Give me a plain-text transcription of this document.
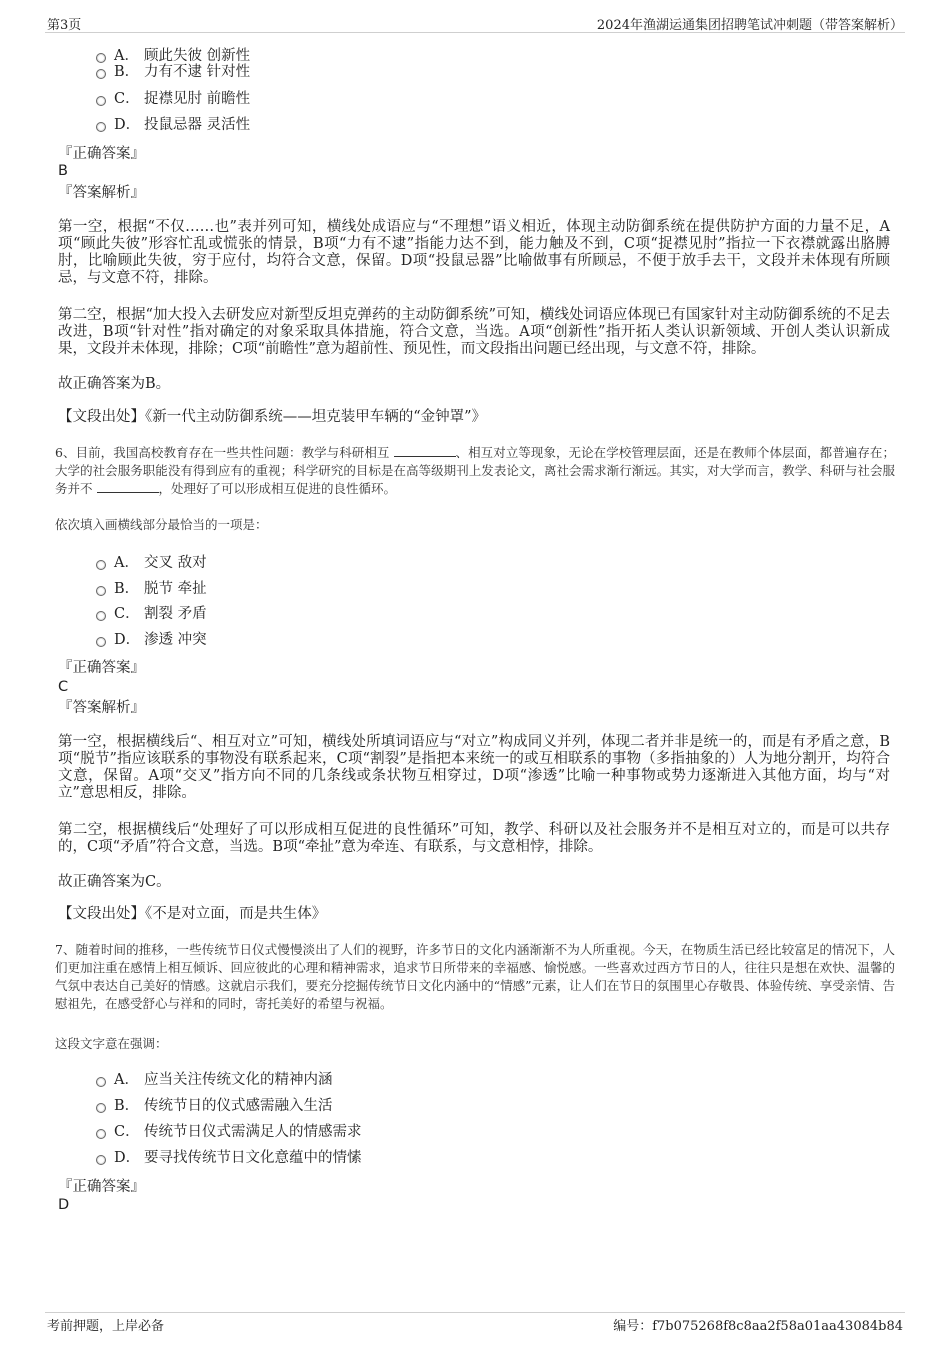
第3页	2024年渔湖运通集团招聘笔试冲刺题（带答案解析）
A． 顾此失彼 创新性
B． 力有不逮 针对性
C． 捉襟见肘 前瞻性
D． 投鼠忌器 灵活性
『正确答案』
B
『答案解析』
第一空，根据“不仅……也”表并列可知，横线处成语应与“不理想”语义相近，体现主动防御系统在提供防护方面的力量不足，A项“顾此失彼”形容忙乱或慌张的情景，B项“力有不逮”指能力达不到，能力触及不到，C项“捉襟见肘”指拉一下衣襟就露出胳膊肘，比喻顾此失彼，穷于应付，均符合文意，保留。D项“投鼠忌器”比喻做事有所顾忌，不便于放手去干，文段并未体现有所顾忌，与文意不符，排除。
第二空，根据“加大投入去研发应对新型反坦克弹药的主动防御系统”可知，横线处词语应体现已有国家针对主动防御系统的不足去改进，B项“针对性”指对确定的对象采取具体措施，符合文意，当选。A项“创新性”指开拓人类认识新领域、开创人类认识新成果，文段并未体现，排除；C项“前瞻性”意为超前性、预见性，而文段指出问题已经出现，与文意不符，排除。
故正确答案为B。
【文段出处】《新一代主动防御系统——坦克装甲车辆的“金钟罩”》
6、目前，我国高校教育存在一些共性问题：教学与科研相互	、相互对立等现象，无论在学校管理层面，还是在教师个体层面，都普遍存在；大学的社会服务职能没有得到应有的重视；科学研究的目标是在高等级期刊上发表论文，离社会需求渐行渐远。其实，对大学而言，教学、科研与社会服务并不	，处理好了可以形成相互促进的良性循环。
依次填入画横线部分最恰当的一项是：
A． 交叉 敌对
B． 脱节 牵扯
C． 割裂 矛盾
D． 渗透 冲突
『正确答案』
C
『答案解析』
第一空，根据横线后“、相互对立”可知，横线处所填词语应与“对立”构成同义并列，体现二者并非是统一的，而是有矛盾之意，B项“脱节”指应该联系的事物没有联系起来，C项“割裂”是指把本来统一的或互相联系的事物（多指抽象的）人为地分割开，均符合文意，保留。A项“交叉”指方向不同的几条线或条状物互相穿过，D项“渗透”比喻一种事物或势力逐渐进入其他方面，均与“对立”意思相反，排除。
第二空，根据横线后“处理好了可以形成相互促进的良性循环”可知，教学、科研以及社会服务并不是相互对立的，而是可以共存的，C项“矛盾”符合文意，当选。B项“牵扯”意为牵连、有联系，与文意相悖，排除。
故正确答案为C。
【文段出处】《不是对立面，而是共生体》
7、随着时间的推移，一些传统节日仪式慢慢淡出了人们的视野，许多节日的文化内涵渐渐不为人所重视。今天，在物质生活已经比较富足的情况下，人们更加注重在感情上相互倾诉、回应彼此的心理和精神需求，追求节日所带来的幸福感、愉悦感。一些喜欢过西方节日的人，往往只是想在欢快、温馨的气氛中表达自己美好的情感。这就启示我们，要充分挖掘传统节日文化内涵中的“情感”元素，让人们在节日的氛围里心存敬畏、体验传统、享受亲情、告慰祖先，在感受舒心与祥和的同时，寄托美好的希望与祝福。
这段文字意在强调：
A． 应当关注传统文化的精神内涵
B． 传统节日的仪式感需融入生活
C． 传统节日仪式需满足人的情感需求
D． 要寻找传统节日文化意蕴中的情愫
『正确答案』
D
考前押题，上岸必备	编号：f7b075268f8c8aa2f58a01aa43084b84
